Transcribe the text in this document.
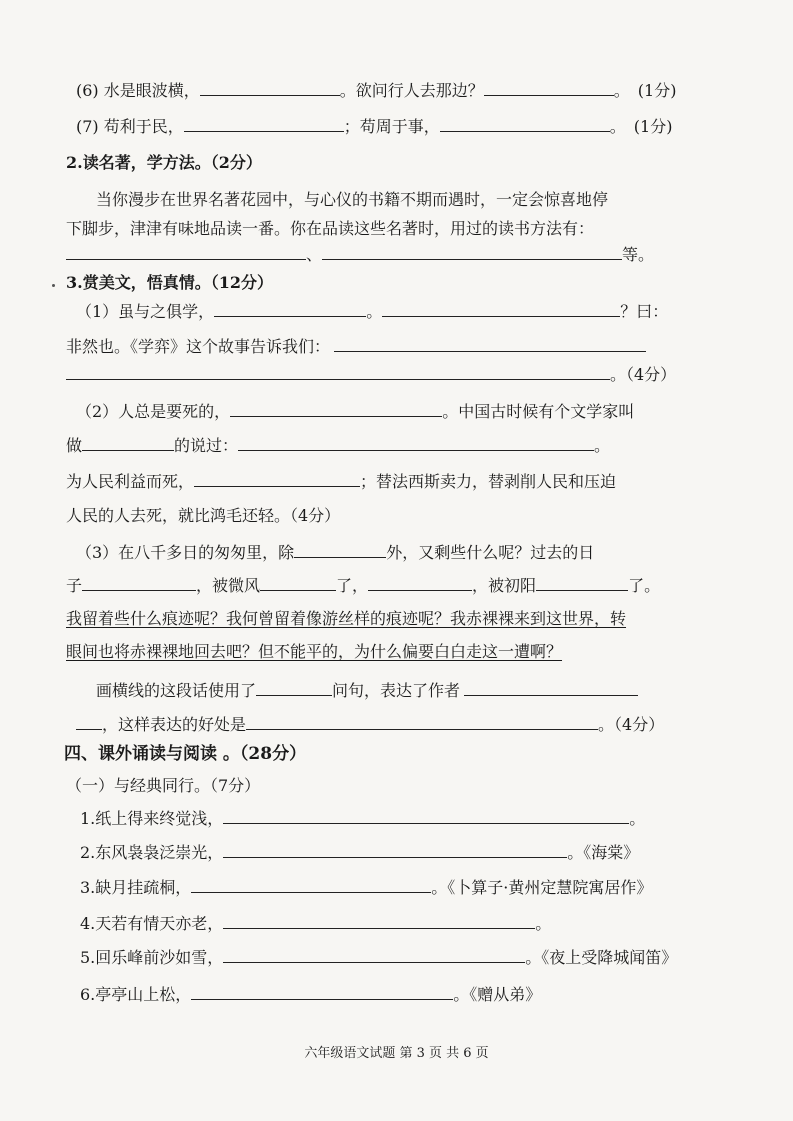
(6) 水是眼波横，	。欲问行人去那边？	。 (1分)
(7) 苟利于民，	；苟周于事，	。 (1分)
2.读名著，学方法。（2分）
当你漫步在世界名著花园中，与心仪的书籍不期而遇时，一定会惊喜地停
下脚步，津津有味地品读一番。你在品读这些名著时，用过的读书方法有：
、	等。
3.赏美文，悟真情。（12分）
（1）虽与之俱学，	。	？曰：
非然也。《学弈》这个故事告诉我们：
。（4分）
（2）人总是要死的，	。中国古时候有个文学家叫
做	的说过：	。
为人民利益而死，	；替法西斯卖力，替剥削人民和压迫
人民的人去死，就比鸿毛还轻。（4分）
（3）在八千多日的匆匆里，除	外，又剩些什么呢？过去的日
子	，被微风	了，	，被初阳	了。
我留着些什么痕迹呢？我何曾留着像游丝样的痕迹呢？我赤裸裸来到这世界，转
眼间也将赤裸裸地回去吧？但不能平的，为什么偏要白白走这一遭啊？
画横线的这段话使用了	问句，表达了作者
，这样表达的好处是	。（4分）
四、课外诵读与阅读 。（28分）
（一）与经典同行。（7分）
1.纸上得来终觉浅，	。
2.东风袅袅泛崇光，	。《海棠》
3.缺月挂疏桐，	。《卜算子·黄州定慧院寓居作》
4.天若有情天亦老，	。
5.回乐峰前沙如雪，	。《夜上受降城闻笛》
6.亭亭山上松，	。《赠从弟》
六年级语文试题 第 3 页 共 6 页
